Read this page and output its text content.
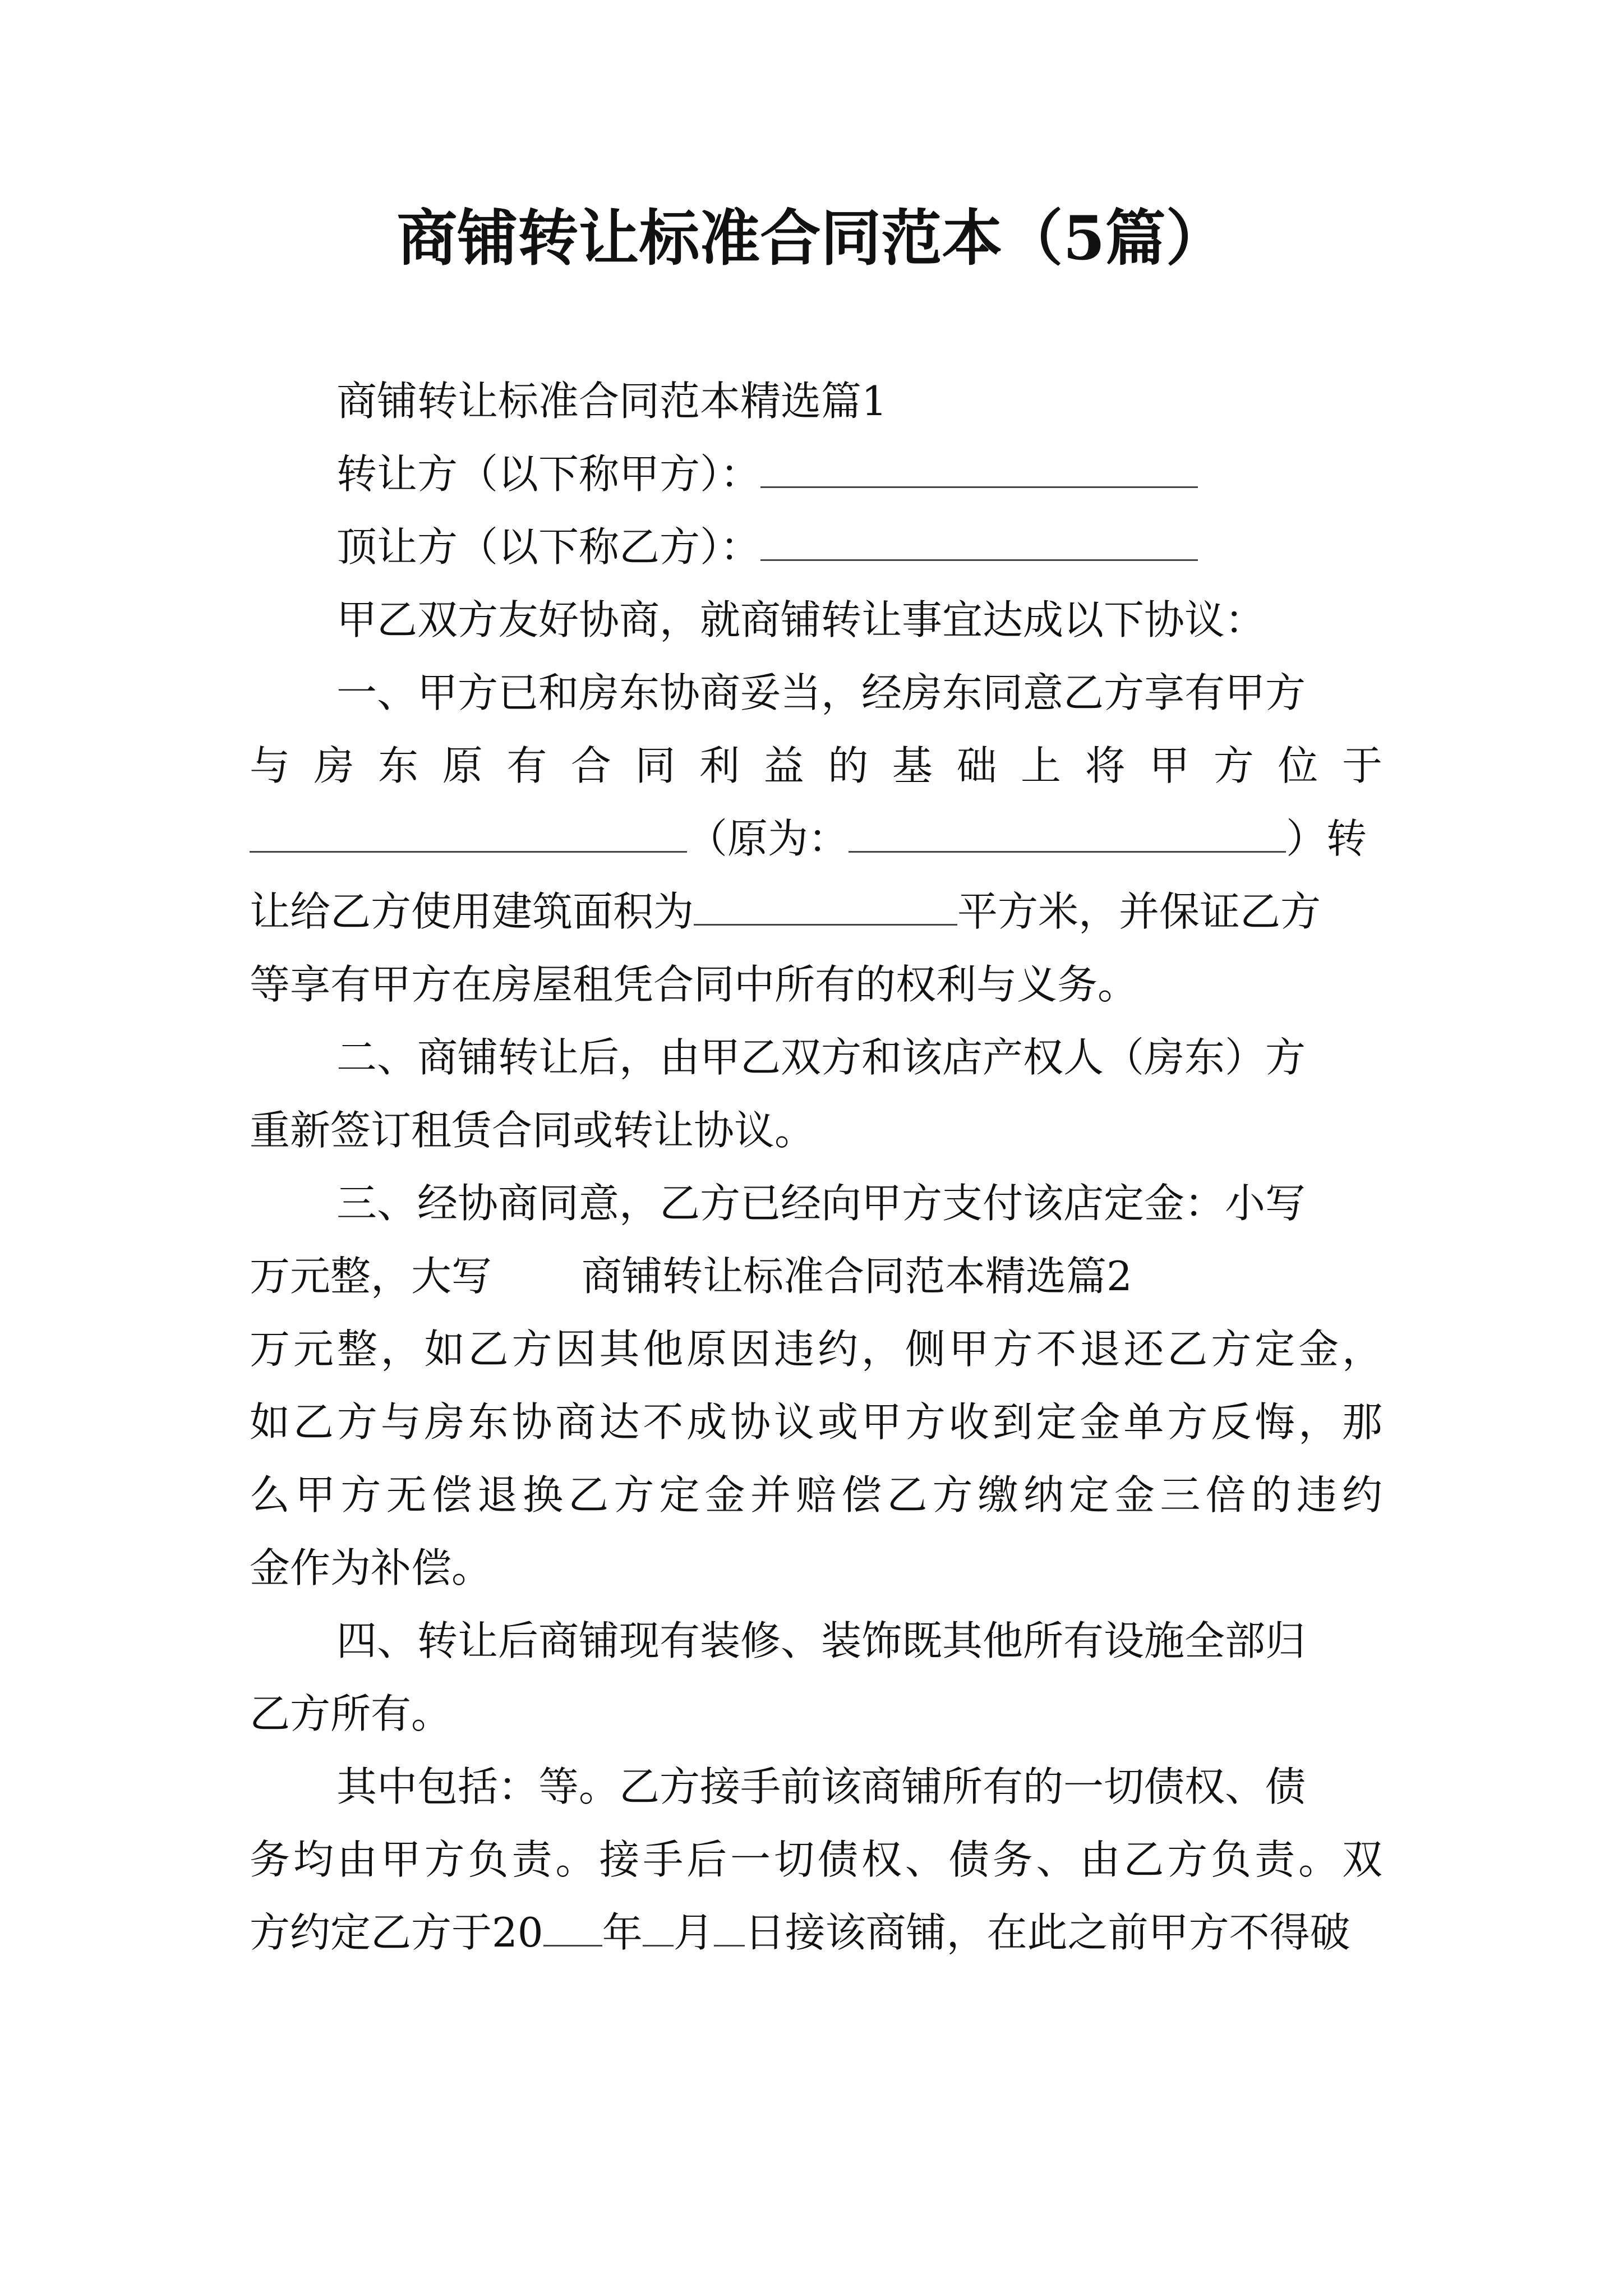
商铺转让标准合同范本（5篇）

商铺转让标准合同范本精选篇1

转让方（以下称甲方）：

顶让方（以下称乙方）：

甲乙双方友好协商，就商铺转让事宜达成以下协议：

一、甲方已和房东协商妥当，经房东同意乙方享有甲方

与房东原有合同利益的基础上将甲方位于

（原为：	）转

让给乙方使用建筑面积为	平方米，并保证乙方

等享有甲方在房屋租凭合同中所有的权利与义务。

二、商铺转让后，由甲乙双方和该店产权人（房东）方

重新签订租赁合同或转让协议。

三、经协商同意，乙方已经向甲方支付该店定金：小写

万元整，大写 商铺转让标准合同范本精选篇2

万元整，如乙方因其他原因违约，侧甲方不退还乙方定金，

如乙方与房东协商达不成协议或甲方收到定金单方反悔，那

么甲方无偿退换乙方定金并赔偿乙方缴纳定金三倍的违约

金作为补偿。

四、转让后商铺现有装修、装饰既其他所有设施全部归

乙方所有。

其中包括：等。乙方接手前该商铺所有的一切债权、债

务均由甲方负责。接手后一切债权、债务、由乙方负责。双

方约定乙方于20 年 月 日接该商铺，在此之前甲方不得破
